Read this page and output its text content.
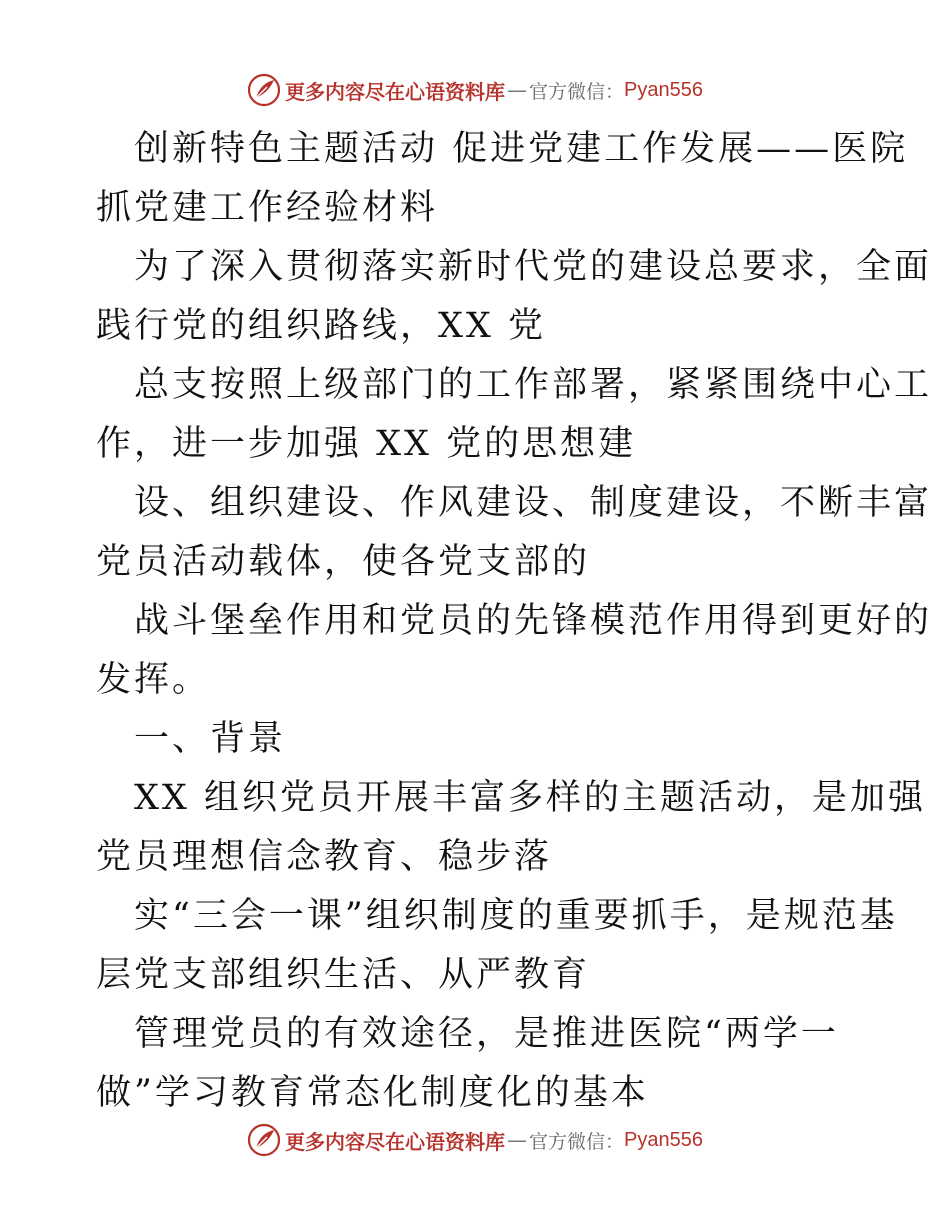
更多内容尽在心语资料库 — 官方微信： Pyan556

创新特色主题活动 促进党建工作发展——医院

抓党建工作经验材料

为了深入贯彻落实新时代党的建设总要求，全面

践行党的组织路线，XX 党

总支按照上级部门的工作部署，紧紧围绕中心工

作，进一步加强 XX 党的思想建

设、组织建设、作风建设、制度建设，不断丰富

党员活动载体，使各党支部的

战斗堡垒作用和党员的先锋模范作用得到更好的

发挥。

一、背景

XX 组织党员开展丰富多样的主题活动，是加强

党员理想信念教育、稳步落

实“三会一课”组织制度的重要抓手，是规范基

层党支部组织生活、从严教育

管理党员的有效途径，是推进医院“两学一

做”学习教育常态化制度化的基本

更多内容尽在心语资料库 — 官方微信： Pyan556
